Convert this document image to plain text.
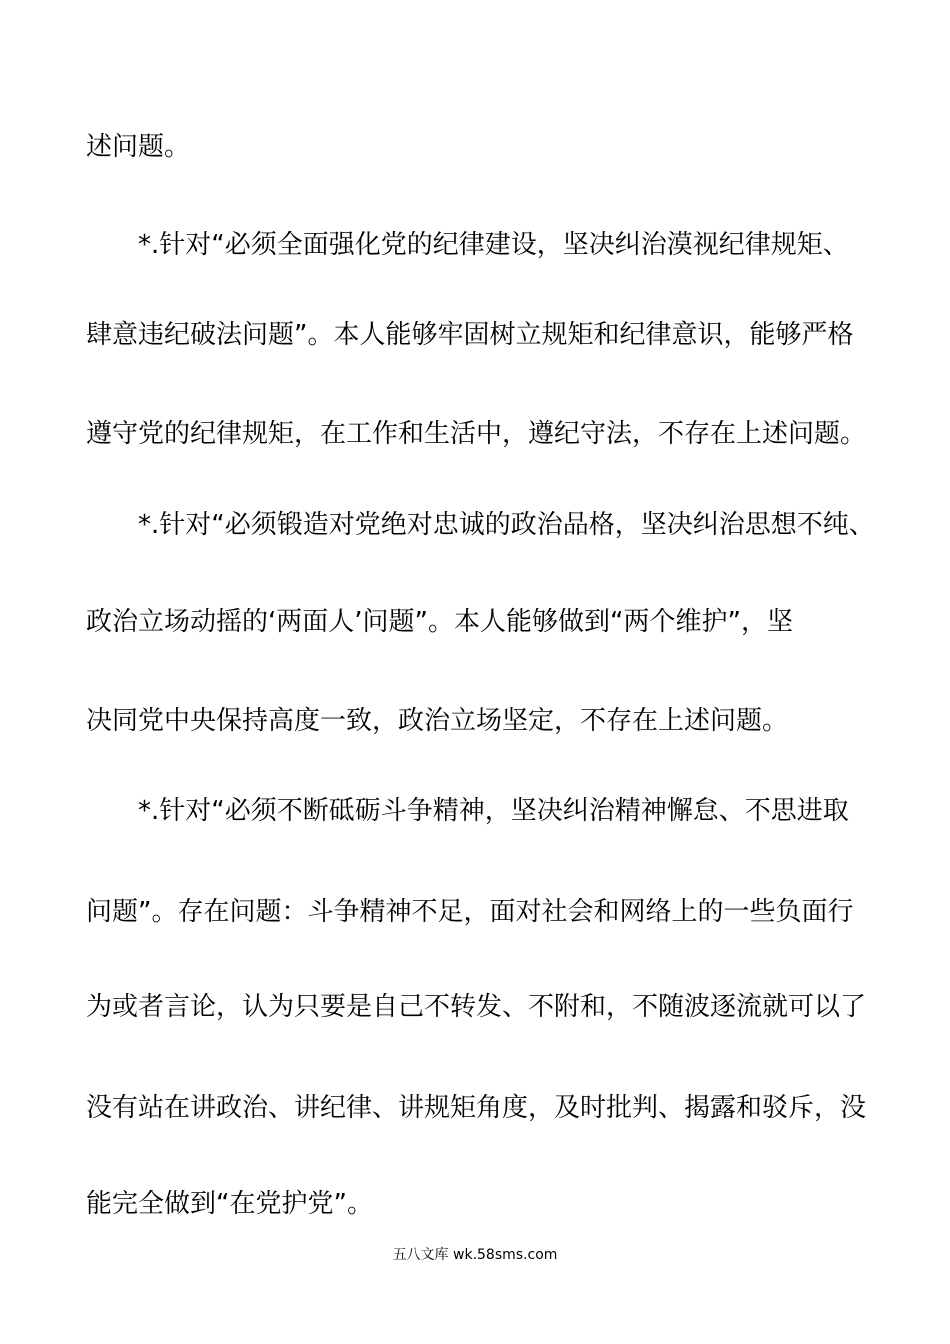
述问题。
*.针对“必须全面强化党的纪律建设，坚决纠治漠视纪律规矩、
肆意违纪破法问题”。本人能够牢固树立规矩和纪律意识，能够严格
遵守党的纪律规矩，在工作和生活中，遵纪守法，不存在上述问题。
*.针对“必须锻造对党绝对忠诚的政治品格，坚决纠治思想不纯、
政治立场动摇的‘两面人’问题”。本人能够做到“两个维护”，坚
决同党中央保持高度一致，政治立场坚定，不存在上述问题。
*.针对“必须不断砥砺斗争精神，坚决纠治精神懈怠、不思进取
问题”。存在问题：斗争精神不足，面对社会和网络上的一些负面行
为或者言论，认为只要是自己不转发、不附和，不随波逐流就可以了
没有站在讲政治、讲纪律、讲规矩角度，及时批判、揭露和驳斥，没
能完全做到“在党护党”。
五八文库 wk.58sms.com
